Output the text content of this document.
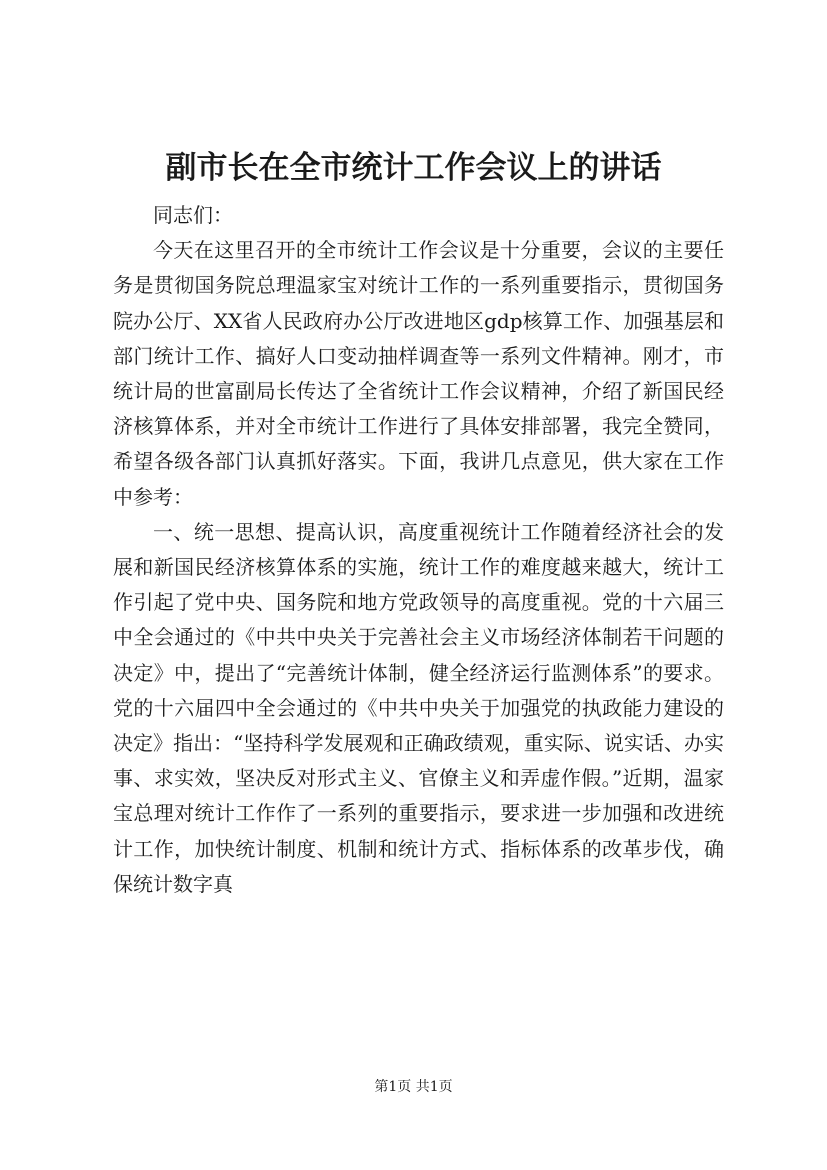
副市长在全市统计工作会议上的讲话

同志们：

今天在这里召开的全市统计工作会议是十分重要，会议的主要任务是贯彻国务院总理温家宝对统计工作的一系列重要指示，贯彻国务院办公厅、XX省人民政府办公厅改进地区gdp核算工作、加强基层和部门统计工作、搞好人口变动抽样调查等一系列文件精神。刚才，市统计局的世富副局长传达了全省统计工作会议精神，介绍了新国民经济核算体系，并对全市统计工作进行了具体安排部署，我完全赞同，希望各级各部门认真抓好落实。下面，我讲几点意见，供大家在工作中参考：

一、统一思想、提高认识，高度重视统计工作随着经济社会的发展和新国民经济核算体系的实施，统计工作的难度越来越大，统计工作引起了党中央、国务院和地方党政领导的高度重视。党的十六届三中全会通过的《中共中央关于完善社会主义市场经济体制若干问题的决定》中，提出了“完善统计体制，健全经济运行监测体系”的要求。党的十六届四中全会通过的《中共中央关于加强党的执政能力建设的决定》指出：“坚持科学发展观和正确政绩观，重实际、说实话、办实事、求实效，坚决反对形式主义、官僚主义和弄虚作假。”近期，温家宝总理对统计工作作了一系列的重要指示，要求进一步加强和改进统计工作，加快统计制度、机制和统计方式、指标体系的改革步伐，确保统计数字真

第1页 共1页
